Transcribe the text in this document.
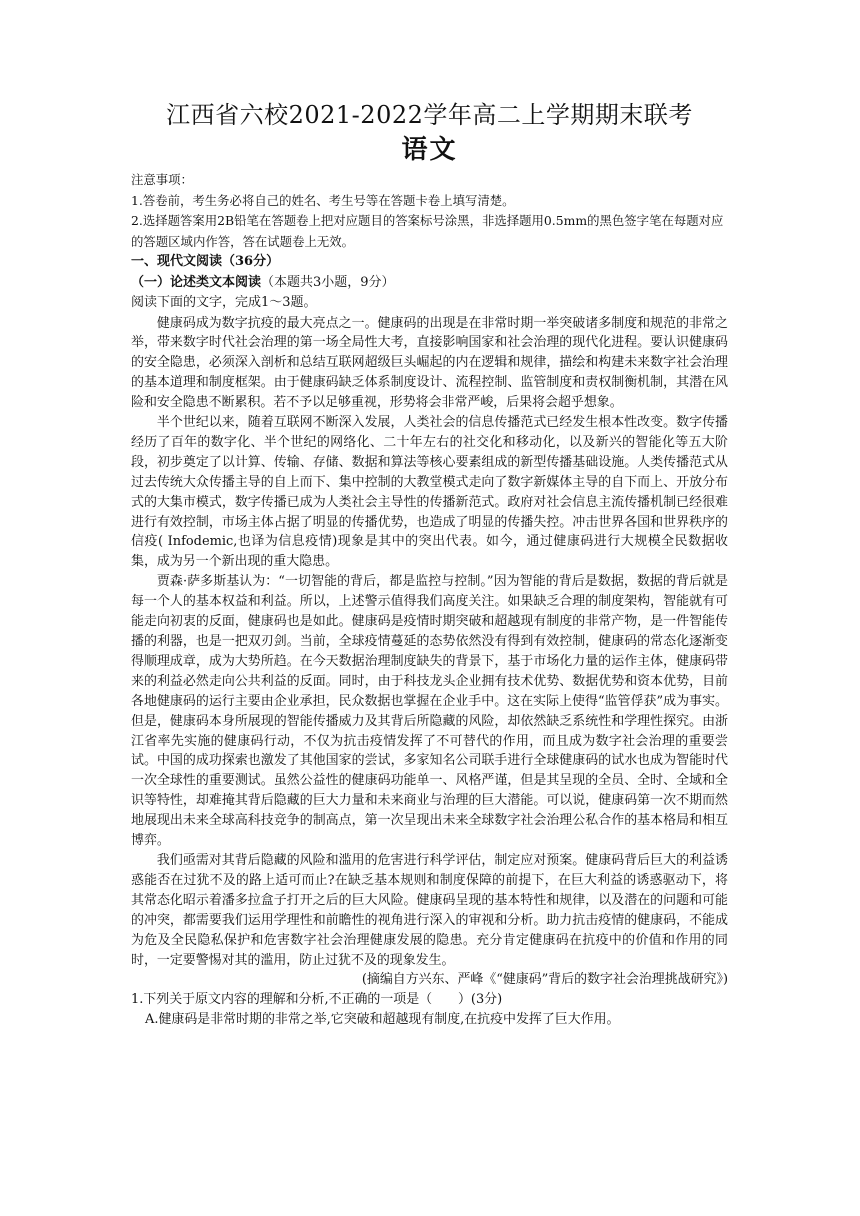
江西省六校2021-2022学年高二上学期期末联考
语文

注意事项：

1.答卷前，考生务必将自己的姓名、考生号等在答题卡卷上填写清楚。

2.选择题答案用2B铅笔在答题卷上把对应题目的答案标号涂黑，非选择题用0.5mm的黑色签字笔在每题对应的答题区域内作答，答在试题卷上无效。

一、现代文阅读（36分）

（一）论述类文本阅读（本题共3小题，9分）

阅读下面的文字，完成1～3题。

健康码成为数字抗疫的最大亮点之一。健康码的出现是在非常时期一举突破诸多制度和规范的非常之举，带来数字时代社会治理的第一场全局性大考，直接影响国家和社会治理的现代化进程。要认识健康码的安全隐患，必须深入剖析和总结互联网超级巨头崛起的内在逻辑和规律，描绘和构建未来数字社会治理的基本道理和制度框架。由于健康码缺乏体系制度设计、流程控制、监管制度和责权制衡机制，其潜在风险和安全隐患不断累积。若不予以足够重视，形势将会非常严峻，后果将会超乎想象。

半个世纪以来，随着互联网不断深入发展，人类社会的信息传播范式已经发生根本性改变。数字传播经历了百年的数字化、半个世纪的网络化、二十年左右的社交化和移动化，以及新兴的智能化等五大阶段，初步奠定了以计算、传输、存储、数据和算法等核心要素组成的新型传播基础设施。人类传播范式从过去传统大众传播主导的自上而下、集中控制的大教堂模式走向了数字新媒体主导的自下而上、开放分布式的大集市模式，数字传播已成为人类社会主导性的传播新范式。政府对社会信息主流传播机制已经很难进行有效控制，市场主体占据了明显的传播优势，也造成了明显的传播失控。冲击世界各国和世界秩序的信疫( Infodemic,也译为信息疫情)现象是其中的突出代表。如今，通过健康码进行大规模全民数据收集，成为另一个新出现的重大隐患。

贾森·萨多斯基认为：“一切智能的背后，都是监控与控制。”因为智能的背后是数据，数据的背后就是每一个人的基本权益和利益。所以，上述警示值得我们高度关注。如果缺乏合理的制度架构，智能就有可能走向初衷的反面，健康码也是如此。健康码是疫情时期突破和超越现有制度的非常产物，是一件智能传播的利器，也是一把双刃剑。当前，全球疫情蔓延的态势依然没有得到有效控制，健康码的常态化逐渐变得顺理成章，成为大势所趋。在今天数据治理制度缺失的背景下，基于市场化力量的运作主体，健康码带来的利益必然走向公共利益的反面。同时，由于科技龙头企业拥有技术优势、数据优势和资本优势，目前各地健康码的运行主要由企业承担，民众数据也掌握在企业手中。这在实际上使得“监管俘获”成为事实。但是，健康码本身所展现的智能传播威力及其背后所隐藏的风险，却依然缺乏系统性和学理性探究。由浙江省率先实施的健康码行动，不仅为抗击疫情发挥了不可替代的作用，而且成为数字社会治理的重要尝试。中国的成功探索也激发了其他国家的尝试，多家知名公司联手进行全球健康码的试水也成为智能时代一次全球性的重要测试。虽然公益性的健康码功能单一、风格严谨，但是其呈现的全员、全时、全域和全识等特性，却难掩其背后隐藏的巨大力量和未来商业与治理的巨大潜能。可以说，健康码第一次不期而然地展现出未来全球高科技竞争的制高点，第一次呈现出未来全球数字社会治理公私合作的基本格局和相互博弈。

我们亟需对其背后隐藏的风险和滥用的危害进行科学评估，制定应对预案。健康码背后巨大的利益诱惑能否在过犹不及的路上适可而止?在缺乏基本规则和制度保障的前提下，在巨大利益的诱惑驱动下，将其常态化昭示着潘多拉盒子打开之后的巨大风险。健康码呈现的基本特性和规律，以及潜在的问题和可能的冲突，都需要我们运用学理性和前瞻性的视角进行深入的审视和分析。助力抗击疫情的健康码，不能成为危及全民隐私保护和危害数字社会治理健康发展的隐患。充分肯定健康码在抗疫中的价值和作用的同时，一定要警惕对其的滥用，防止过犹不及的现象发生。

(摘编自方兴东、严峰《“健康码”背后的数字社会治理挑战研究》)

1.下列关于原文内容的理解和分析,不正确的一项是（　　）(3分)

A.健康码是非常时期的非常之举,它突破和超越现有制度,在抗疫中发挥了巨大作用。
